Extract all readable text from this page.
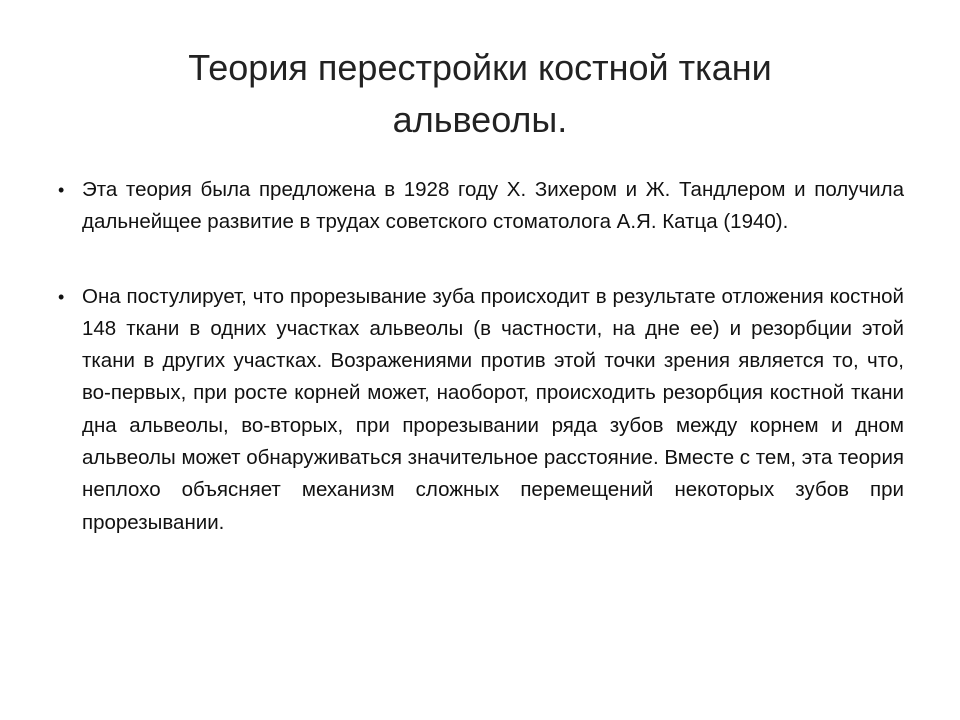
Теория перестройки костной ткани альвеолы.
• Эта теория была предложена в 1928 году Х. Зихером и Ж. Тандлером и получила дальнейщее развитие в трудах советского стоматолога А.Я. Катца (1940).
• Она постулирует, что прорезывание зуба происходит в результате отложения костной 148 ткани в одних участках альвеолы (в частности, на дне ее) и резорбции этой ткани в других участках. Возражениями против этой точки зрения является то, что, во-первых, при росте корней может, наоборот, происходить резорбция костной ткани дна альвеолы, во-вторых, при прорезывании ряда зубов между корнем и дном альвеолы может обнаруживаться значительное расстояние. Вместе с тем, эта теория неплохо объясняет механизм сложных перемещений некоторых зубов при прорезывании.
